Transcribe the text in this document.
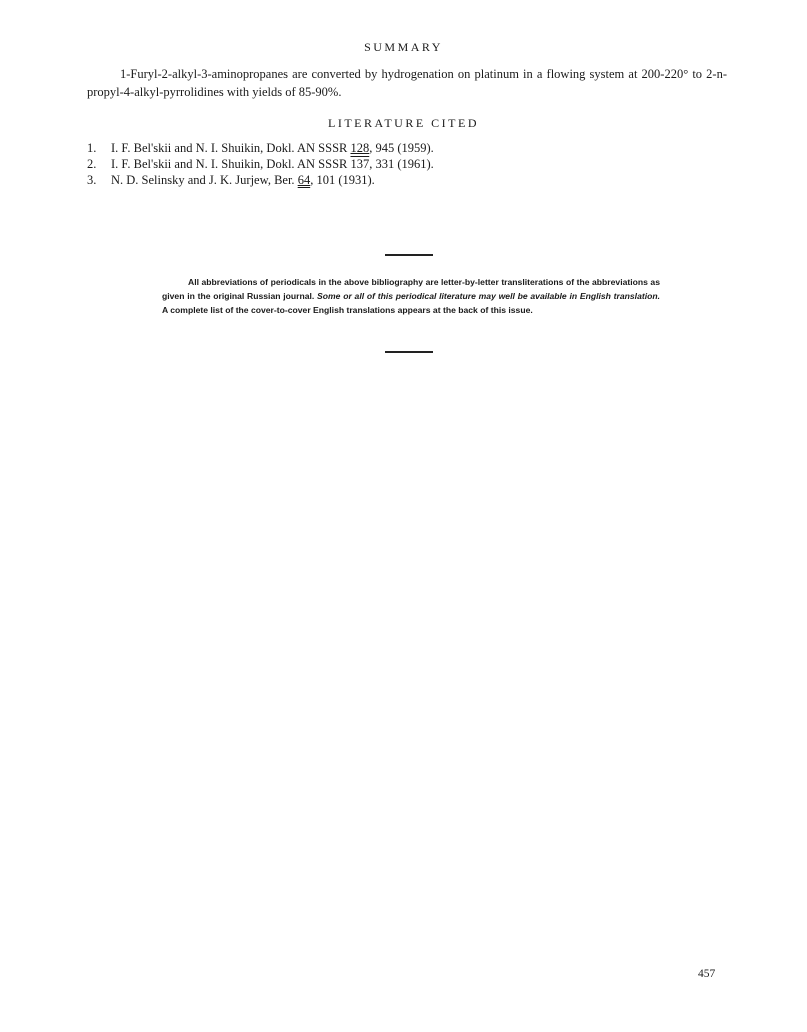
SUMMARY
1-Furyl-2-alkyl-3-aminopropanes are converted by hydrogenation on platinum in a flowing system at 200-220° to 2-n-propyl-4-alkyl-pyrrolidines with yields of 85-90%.
LITERATURE CITED
1.	I. F. Bel'skii and N. I. Shuikin, Dokl. AN SSSR 128, 945 (1959).
2.	I. F. Bel'skii and N. I. Shuikin, Dokl. AN SSSR 137, 331 (1961).
3.	N. D. Selinsky and J. K. Jurjew, Ber. 64, 101 (1931).
All abbreviations of periodicals in the above bibliography are letter-by-letter transliterations of the abbreviations as given in the original Russian journal. Some or all of this periodical literature may well be available in English translation. A complete list of the cover-to-cover English translations appears at the back of this issue.
457
